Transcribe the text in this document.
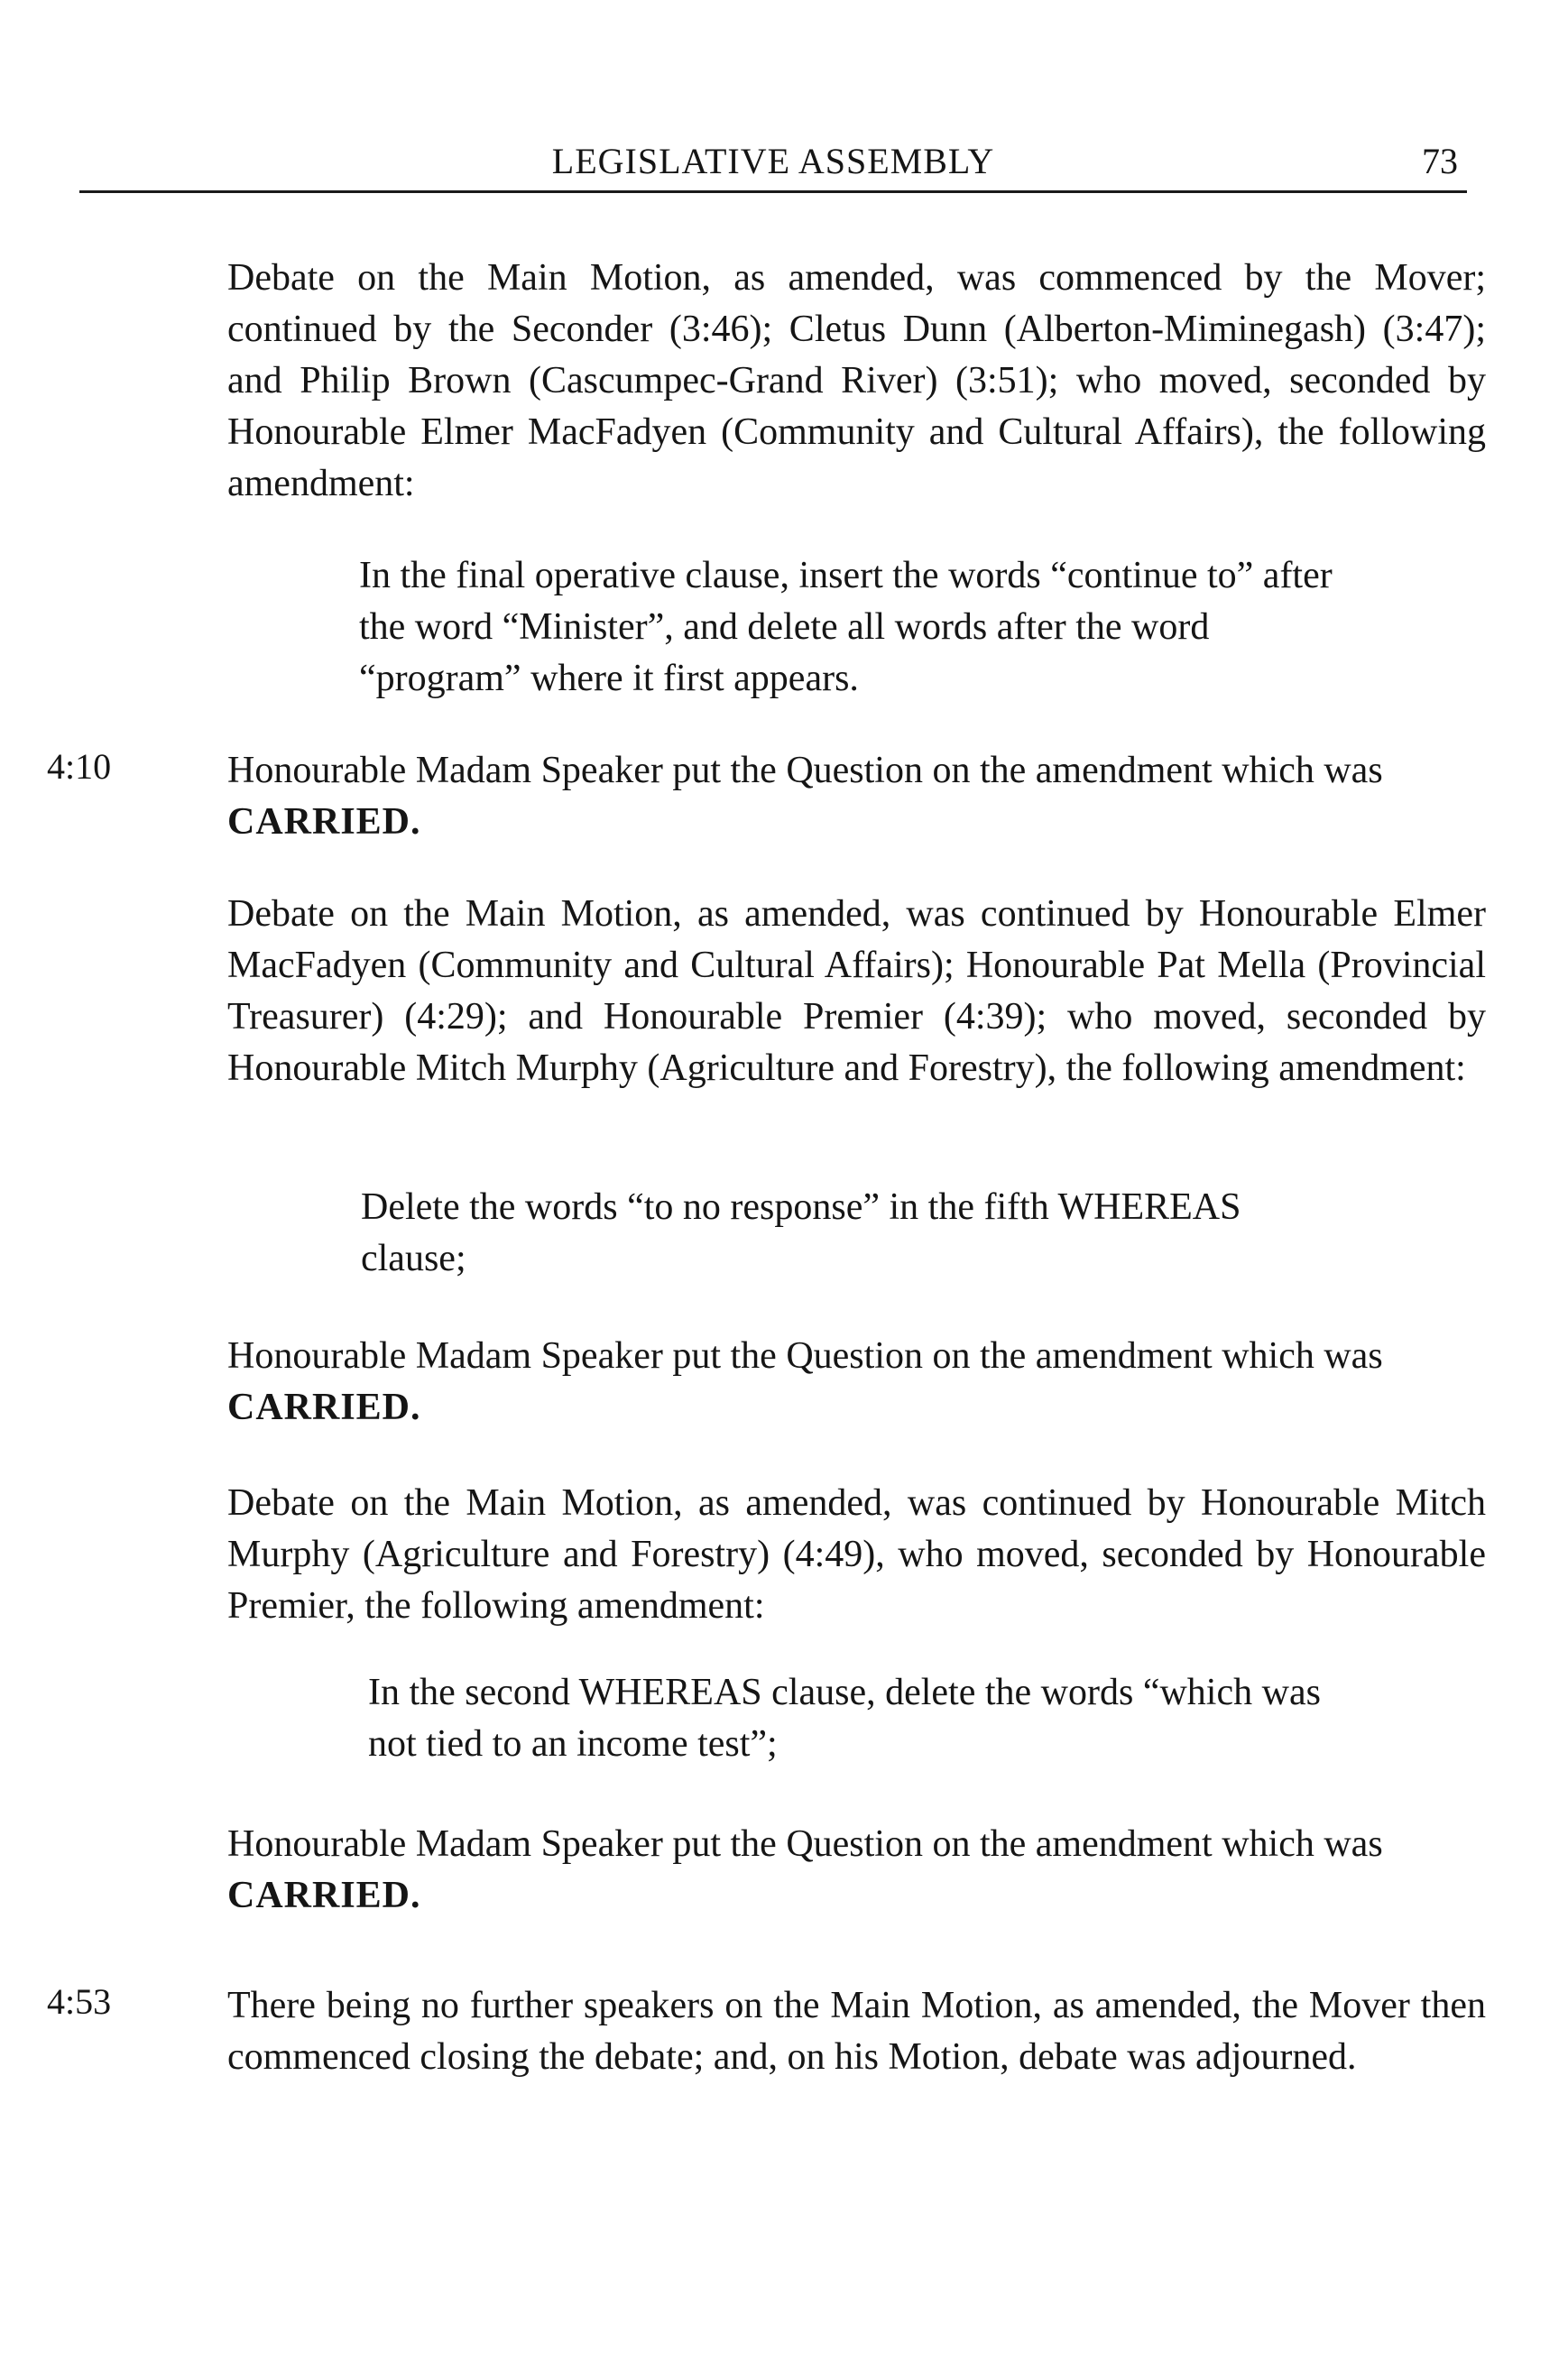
LEGISLATIVE ASSEMBLY	73
Debate on the Main Motion, as amended, was commenced by the Mover; continued by the Seconder (3:46); Cletus Dunn (Alberton-Miminegash) (3:47); and Philip Brown (Cascumpec-Grand River) (3:51); who moved, seconded by Honourable Elmer MacFadyen (Community and Cultural Affairs), the following amendment:
In the final operative clause, insert the words “continue to” after the word “Minister”, and delete all words after the word “program” where it first appears.
4:10	Honourable Madam Speaker put the Question on the amendment which was
CARRIED.
Debate on the Main Motion, as amended, was continued by Honourable Elmer MacFadyen (Community and Cultural Affairs); Honourable Pat Mella (Provincial Treasurer) (4:29); and Honourable Premier (4:39); who moved, seconded by Honourable Mitch Murphy (Agriculture and Forestry), the following amendment:
Delete the words “to no response” in the fifth WHEREAS clause;
Honourable Madam Speaker put the Question on the amendment which was
CARRIED.
Debate on the Main Motion, as amended, was continued by Honourable Mitch Murphy (Agriculture and Forestry) (4:49), who moved, seconded by Honourable Premier, the following amendment:
In the second WHEREAS clause, delete the words “which was not tied to an income test”;
Honourable Madam Speaker put the Question on the amendment which was
CARRIED.
4:53	There being no further speakers on the Main Motion, as amended, the Mover then commenced closing the debate; and, on his Motion, debate was adjourned.
